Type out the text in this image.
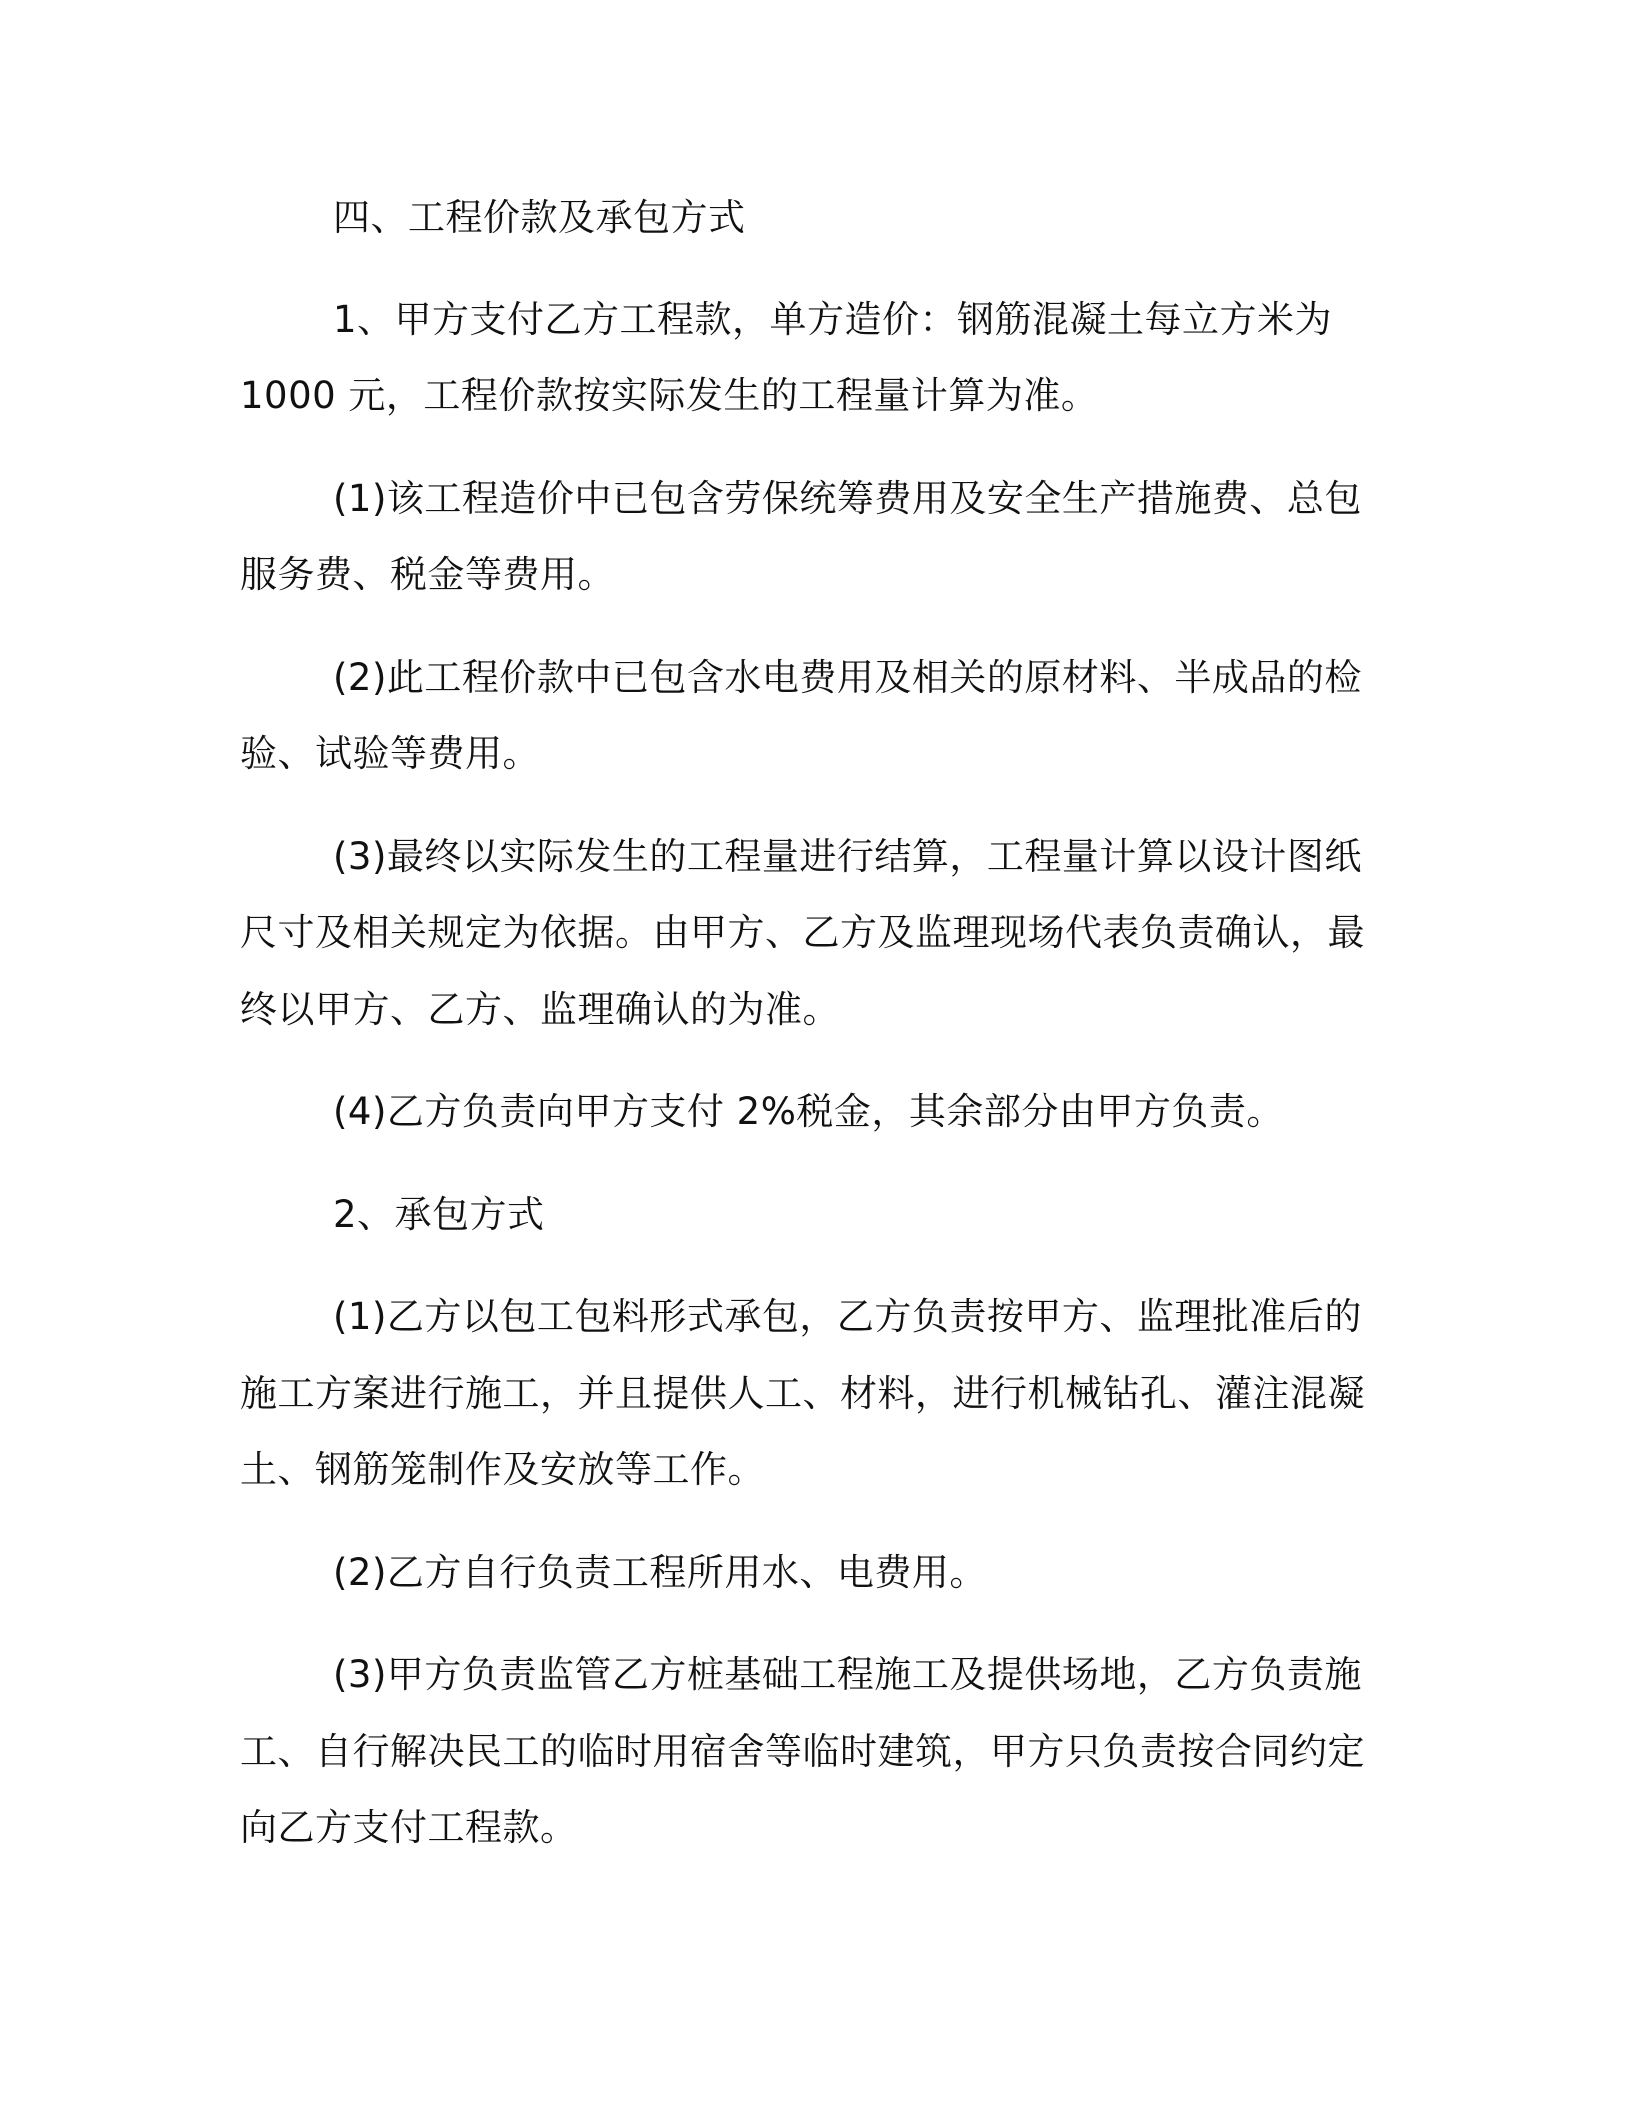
四、工程价款及承包方式
1、甲方支付乙方工程款，单方造价：钢筋混凝土每立方米为
1000 元，工程价款按实际发生的工程量计算为准。
(1)该工程造价中已包含劳保统筹费用及安全生产措施费、总包
服务费、税金等费用。
(2)此工程价款中已包含水电费用及相关的原材料、半成品的检
验、试验等费用。
(3)最终以实际发生的工程量进行结算，工程量计算以设计图纸
尺寸及相关规定为依据。由甲方、乙方及监理现场代表负责确认，最
终以甲方、乙方、监理确认的为准。
(4)乙方负责向甲方支付 2%税金，其余部分由甲方负责。
2、承包方式
(1)乙方以包工包料形式承包，乙方负责按甲方、监理批准后的
施工方案进行施工，并且提供人工、材料，进行机械钻孔、灌注混凝
土、钢筋笼制作及安放等工作。
(2)乙方自行负责工程所用水、电费用。
(3)甲方负责监管乙方桩基础工程施工及提供场地，乙方负责施
工、自行解决民工的临时用宿舍等临时建筑，甲方只负责按合同约定
向乙方支付工程款。
